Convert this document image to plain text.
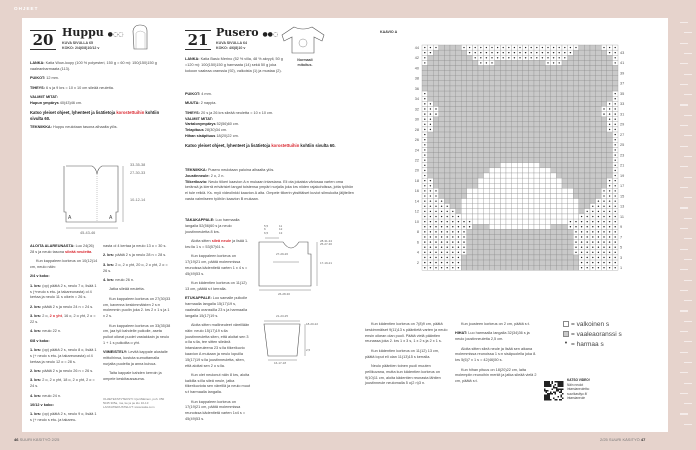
OHJEET
20 Huppu ●◌◌
KUVA SIVULLA 65
KOKO: 2/4(6/8)10/12 v

LANKA: Katia Wow-loopy (100 % polyesteri, 150 g = 60 m): 150(150)150 g vaaleanharmaata (113).

PUIKOT: 12 mm.

TIHEYS: 6 s ja 9 krs = 10 x 10 cm sileää neuletta.

VALMIIT MITAT:

Hupun ympärys 40(43)46 cm.

Katso yleiset ohjeet, lyhenteet ja lisätietoja korostettuihin kohtiin sivulta 60.

TEKNIIKKA: Huppu neulotaan tasona alhaalta ylös.

A	A
33-35-38
27-30-33
10-12-14
45-43-46

ALOITA ALAREUNASTA: Luo 24(26) 28 s ja neulo tasona sileää neuletta.

Kun kappaleen korkeus on 10(12)14 cm, neulo näin:

2/4 v koko:

1. krs: (op) päätä 2 s, neulo 7 o, lisää 1 s (+neulo s etu- ja takareunasta) ol 4 kertaa ja neulo 11 s oikein = 26 s.

2. krs: päätä 2 s ja neulo 24 n = 24 s.

3. krs: 2 o, 2 o yht, 16 o, 2 o yht, 2 o = 22 s.

4. krs: neulo 22 n.

6/8 v koko:

1. krs: (op) päätä 2 s, neulo 8 o, lisää 1 s (+ neulo s etu- ja takareunasta) ol 4 kertaa ja neulo 12 o = 28 s.

2. krs: päätä 2 s ja neulo 26 n = 26 s.

3. krs: 2 o, 2 o yht, 18 o, 2 o yht, 2 o = 24 s.

4. krs: neulo 24 n.

10/12 v koko:

1. krs: (op) päätä 2 s, neulo 9 o, lisää 1 s (+ neulo s etu- ja takareu-

nasta ol 4 kertaa ja neulo 13 o = 30 s.

2. krs: päätä 2 s ja neulo 28 n = 28 s.

3. krs: 2 o, 2 o yht, 20 o, 2 o yht, 2 o = 26 s.

4. krs: neulo 26 n.

Jatka sileää neuletta.

Kun kappaleen korkeus on 27(30)33 cm, kavenna keskimmäisten 2 s:n molemmin puolin joka 2. krs 2 x 1 s ja 1 x 2 s.

Kun kappaleen korkeus on 33(35)38 cm, jaa työ kahdelle puikolle, aseta puikot oikeat puolet vastakkain ja neulo 1 + 1 s puikoilta o yht.

VIIMEISTELY: Levitä kappale alustalle mittoihinsa, kostuta sumuttamalla nurjalta puolelta ja anna kuivua.

Taita kappale kahden kerroin ja ompele keskitaussauma.

OHJETEKSTI/TEKSTI: Irja Mäkinen, puh. 050 5045 305a, ma, ke ja pe klo 10-13 LANKATIEDUSTELUT: www.katia.com
46 SUURI KÄSITYÖ 2/25
21 Pusero ●●◌
KUVA SIVULLA 64
KOKO: 4/6(8)10 v
Normaali mitoitus.

LANKA: Katia Basic Merino (52 % villa, 48 % akryyli, 50 g =120 m): 100(150)150 g harmaata (14) sekä 50 g joka kokoon vaaleaa oranssia (92), valkoista (1) ja mustaa (2).

PUIKOT: 4 mm.

MUUTA: 2 nappia.

TIHEYS: 20 s ja 26 krs sileää neuletta = 10 x 10 cm.

VALMIIT MITAT:
Vartalonympärys 52(56)60 cm.
Telapituus 28(30)34 cm.

Hihan sisäpituus 18(20)22 cm.

Katso yleiset ohjeet, lyhenteet ja lisätietoja korostettuihin kohtiin sivulta 60.

TEKNIIKKA: Pusero neulotaan paloina alhaalta ylös.
Joustinneule: 2 o, 2 n.
Tiikerikuvio: Neulo tiikeri kaavion A:n mukaan intarsiana. Eli ota jokaista väriosaa varten oma keränsä ja kierrä erivärisiet langat toistensa ympäri nurjalla joka krs niiden rajakohdissa, jotta työhön ei tule reikiä. Ks. myö videolinkki kaavion A alta. Ompele tiikerin yksittäiset kuviot silmukoita jäljitellen vasta valmiiseen työhön kaavion B mukaan.

TAKAKAPPALE: Luo harmaalla langalla 52(56)60 s ja neulo joustinneuletta 8 krs.

Aloita sitten sileä neule ja lisää 1. krs:lla 1 s = 53(57)61 s.

Kun kappaleen korkeus on 17(19)21 cm, päätä molemmissa reunoissa kädentietä varten 1 x 4 s = 45(49)53 s.

Kun kädentien korkeus on 11(12) 13 cm, päätä s:t kerralla.

ETUKAPPALE: Luo samalle puikolle harmaalla langalla 15(17)19 s, vaalealla oranssilla 23 s ja harmaalla langalla 15(17)19 s.

Aloita sitten mallineuleet väreillään näin: neulo 15(17)19 s:lla joustinneuletta siten, että aloitat sen 3 o:lla s:lla, tee sitten sileänä intarsianeuleena 23 s:lla tiikerikuvio kaavion A mukaan ja neulo lopuilla 15(17)19 s:lla joustinneuletta, siten, että aloitat sen 2 o s:lla.

Kun olet neulonut näin 8 krs, aloita kaikilla s:illa sileä neule, jatka tiikerikuviota sen väreillä ja neulo muut s:t harmaalla langalla.

Kun kappaleen korkeus on 17(19)21 cm, päätä molemmissa reunoissa kädentietä varten 1x4 s = 45(49)53 s.

5,5
6
6,5
11
12
13
27-29-26
28-31-34
25-27-30
17-19-21
26-28-30
21-23-25
18-20-22
2,5
16-17-18

Kun kädentien korkeus on 7(8)9 cm, päätä keskimmäiset 9(11)13 s pääntietä varten ja neulo ensin oikean olan puoli. Päätä vielä pääntien reunassa joka 2. krs 1 x 3 s, 1 x 2 s ja 2 x 1 s.

Kun kädentien korkeus on 11(12) 13 cm, päätä loput eli olan 11(13)15 s kerralla.

Neulo pääntien toinen puoli muuten peilikuvana, mutta kun kädentien korkeus on 9(10)11 cm, aloita kädentien reunasta lähtien joustinneule neulomalla 5 o(2 n)3 n.

Kun jousteen korkeus on 2 cm, päätä s:t.

HIHAT: Luo harmaalla langalla 32(34)36 s ja neulo joustinneuletta 2,5 cm.

Aloita sitten sileä neule ja lisää sen aikana molemmissa reunoissa 1 s:n sisäpuolella joka 8. krs 5(6)7 x 1 s = 42(46)50 s.

Kun hihan pituus on 18(20)22 cm, laita molempiin reunoihin merkit ja jatka sileää vielä 2 cm, päätä s:t.

KAAVIO A
44
42
40
38
36
34
32
30
28
26
24
22
20
18
16
14
12
10
8
6
4
2
43
41
39
37
35
33
31
29
27
25
23
21
19
17
15
13
11
9
7
5
3
1
= valkoinen s
= vaaleaoranssi s
• = harmaa s
KATSO VIDEO!
Näin neulot intarsianeuletta: suurikasityo.fi/ intarsianeule
2/25 SUURI KÄSITYÖ 47
